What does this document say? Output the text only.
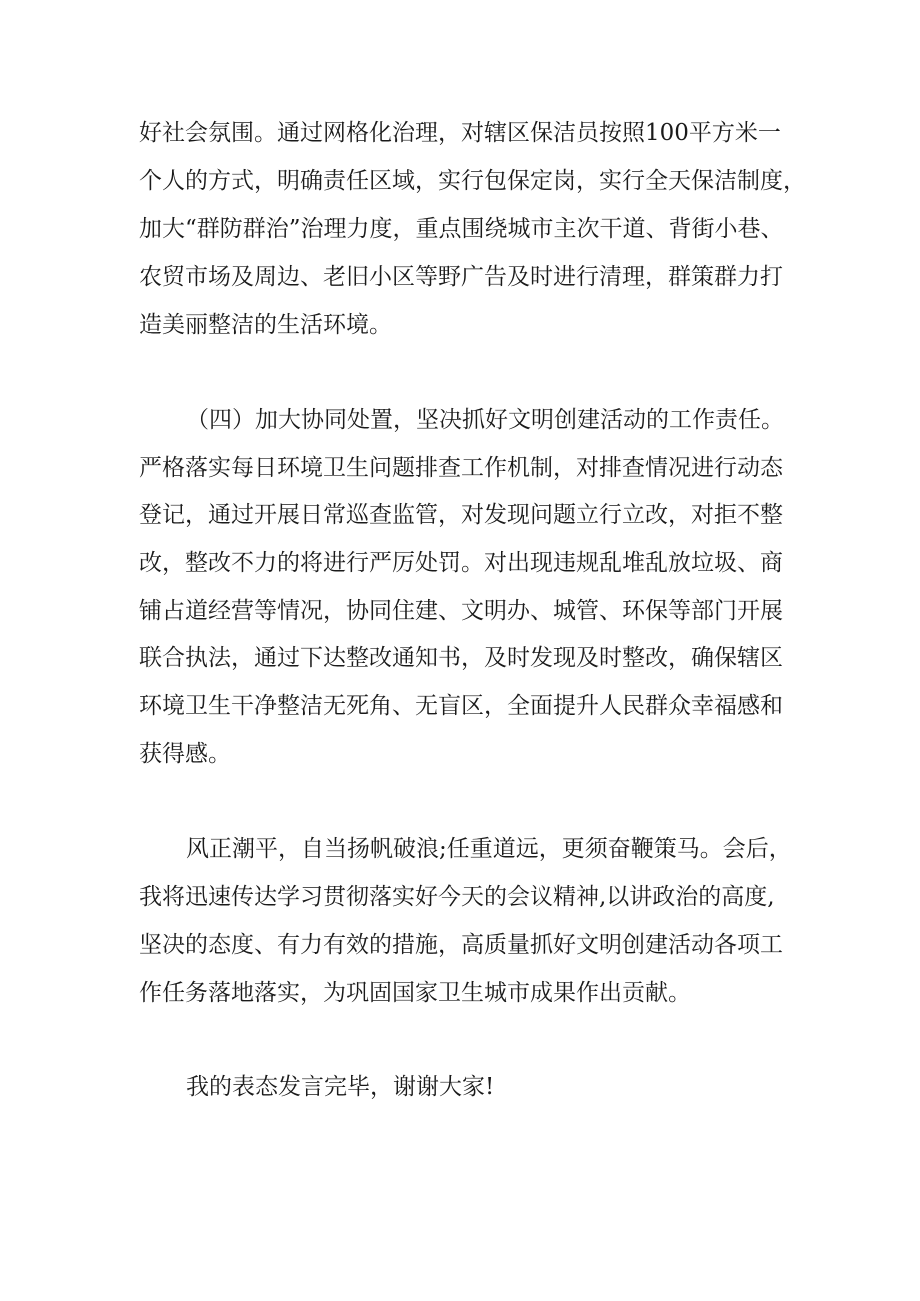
好社会氛围。通过网格化治理，对辖区保洁员按照100平方米一
个人的方式，明确责任区域，实行包保定岗，实行全天保洁制度，
加大“群防群治”治理力度，重点围绕城市主次干道、背街小巷、
农贸市场及周边、老旧小区等野广告及时进行清理，群策群力打
造美丽整洁的生活环境。
（四）加大协同处置，坚决抓好文明创建活动的工作责任。
严格落实每日环境卫生问题排查工作机制，对排查情况进行动态
登记，通过开展日常巡查监管，对发现问题立行立改，对拒不整
改，整改不力的将进行严厉处罚。对出现违规乱堆乱放垃圾、商
铺占道经营等情况，协同住建、文明办、城管、环保等部门开展
联合执法，通过下达整改通知书，及时发现及时整改，确保辖区
环境卫生干净整洁无死角、无盲区，全面提升人民群众幸福感和
获得感。
风正潮平，自当扬帆破浪;任重道远，更须奋鞭策马。会后，
我将迅速传达学习贯彻落实好今天的会议精神,以讲政治的高度,
坚决的态度、有力有效的措施，高质量抓好文明创建活动各项工
作任务落地落实，为巩固国家卫生城市成果作出贡献。
我的表态发言完毕，谢谢大家!
